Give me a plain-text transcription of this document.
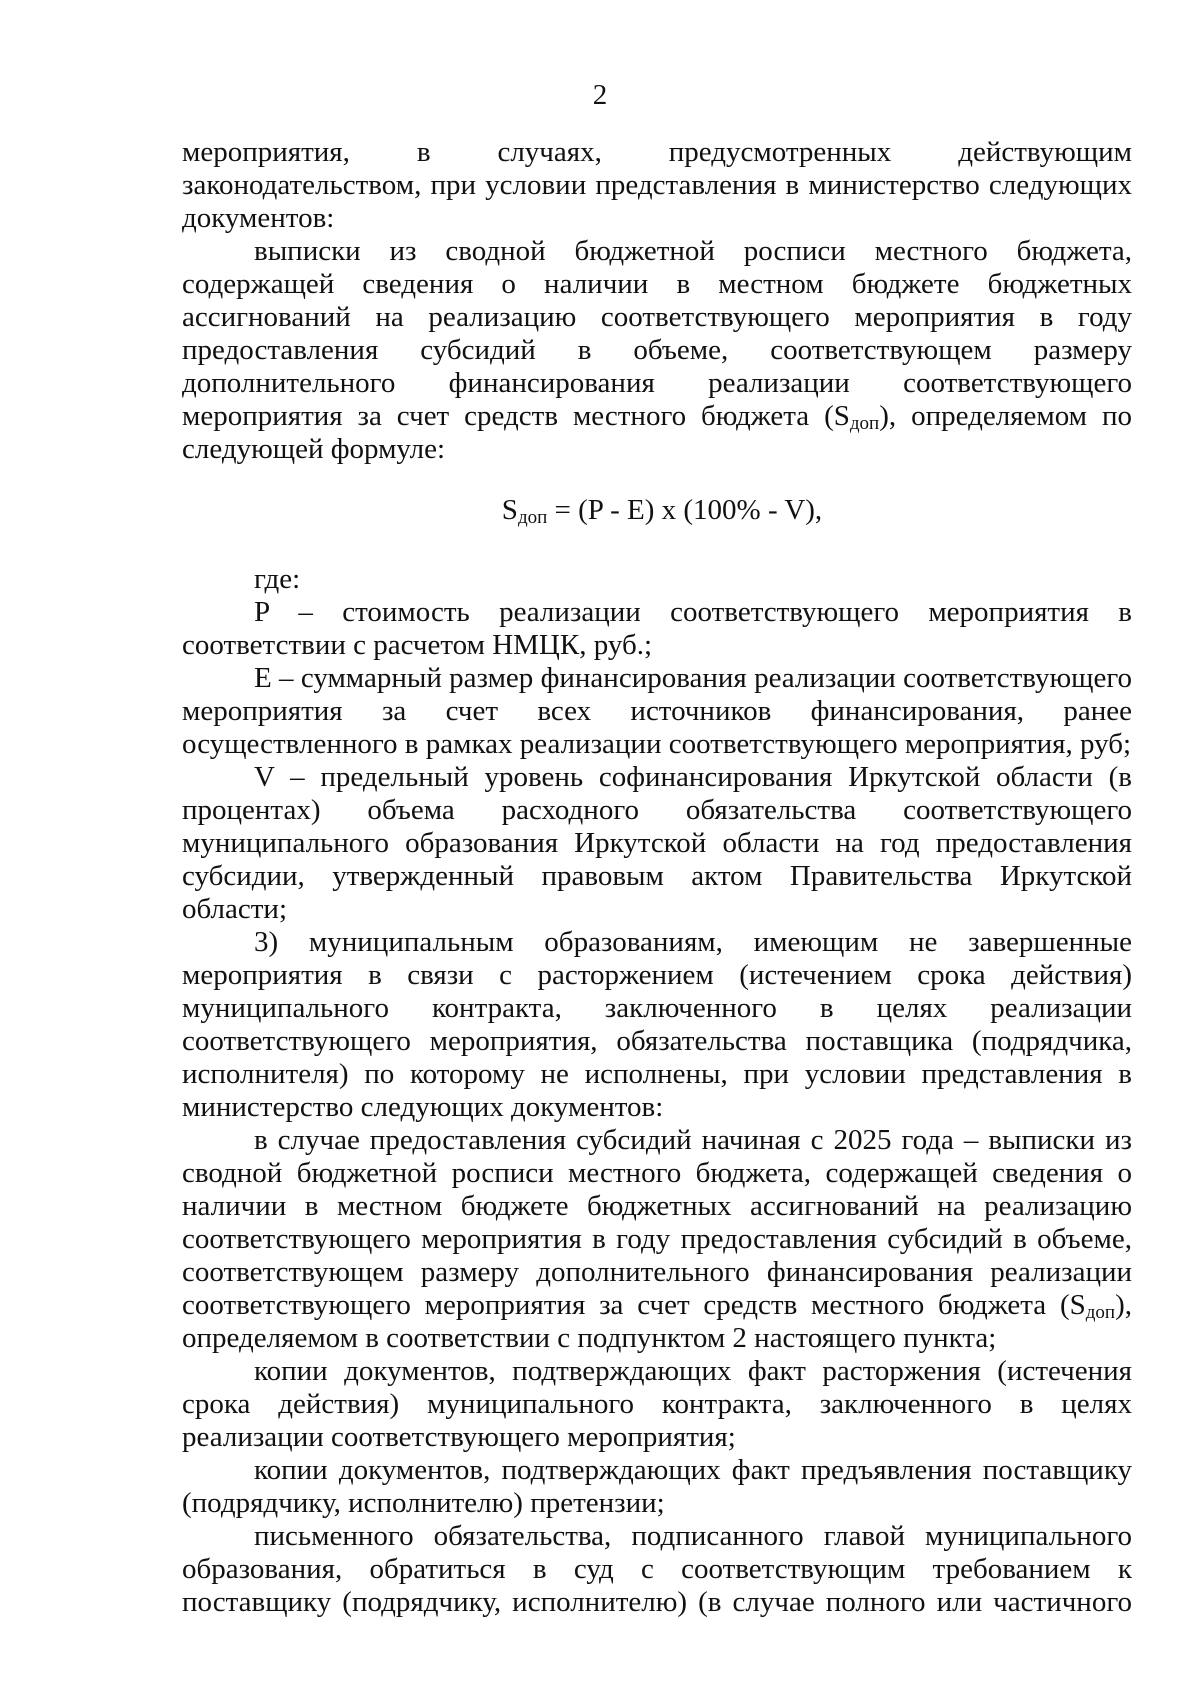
2

мероприятия, в случаях, предусмотренных действующим законодательством, при условии представления в министерство следующих документов:

выписки из сводной бюджетной росписи местного бюджета, содержащей сведения о наличии в местном бюджете бюджетных ассигнований на реализацию соответствующего мероприятия в году предоставления субсидий в объеме, соответствующем размеру дополнительного финансирования реализации соответствующего мероприятия за счет средств местного бюджета $(S_{доп})$, определяемом по следующей формуле:

$S_{доп} = (P - E)$ x (100% - V),

где:

P – стоимость реализации соответствующего мероприятия в соответствии с расчетом НМЦК, руб.;

E – суммарный размер финансирования реализации соответствующего мероприятия за счет всех источников финансирования, ранее осуществленного в рамках реализации соответствующего мероприятия, руб;

V – предельный уровень софинансирования Иркутской области (в процентах) объема расходного обязательства соответствующего муниципального образования Иркутской области на год предоставления субсидии, утвержденный правовым актом Правительства Иркутской области;

3) муниципальным образованиям, имеющим не завершенные мероприятия в связи с расторжением (истечением срока действия) муниципального контракта, заключенного в целях реализации соответствующего мероприятия, обязательства поставщика (подрядчика, исполнителя) по которому не исполнены, при условии представления в министерство следующих документов:

в случае предоставления субсидий начиная с 2025 года – выписки из сводной бюджетной росписи местного бюджета, содержащей сведения о наличии в местном бюджете бюджетных ассигнований на реализацию соответствующего мероприятия в году предоставления субсидий в объеме, соответствующем размеру дополнительного финансирования реализации соответствующего мероприятия за счет средств местного бюджета $(S_{доп})$, определяемом в соответствии с подпунктом 2 настоящего пункта;

копии документов, подтверждающих факт расторжения (истечения срока действия) муниципального контракта, заключенного в целях реализации соответствующего мероприятия;

копии документов, подтверждающих факт предъявления поставщику (подрядчику, исполнителю) претензии;

письменного обязательства, подписанного главой муниципального образования, обратиться в суд с соответствующим требованием к поставщику (подрядчику, исполнителю) (в случае полного или частичного
